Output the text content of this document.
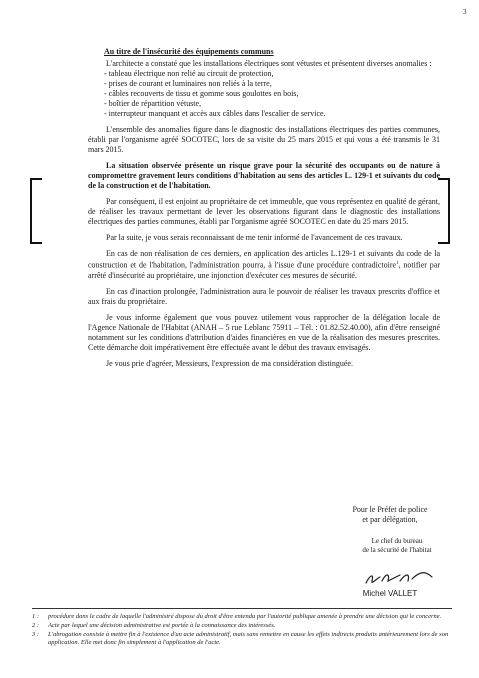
3

Au titre de l'insécurité des équipements communs

L'architecte a constaté que les installations électriques sont vétustes et présentent diverses anomalies :

- tableau électrique non relié au circuit de protection,
- prises de courant et luminaires non reliés à la terre,
- câbles recouverts de tissu et gomme sous goulottes en bois,
- boîtier de répartition vétuste,
- interrupteur manquant et accès aux câbles dans l'escalier de service.

L'ensemble des anomalies figure dans le diagnostic des installations électriques des parties communes, établi par l'organisme agréé SOCOTEC, lors de sa visite du 25 mars 2015 et qui vous a été transmis le 31 mars 2015.

La situation observée présente un risque grave pour la sécurité des occupants ou de nature à compromettre gravement leurs conditions d'habitation au sens des articles L. 129-1 et suivants du code de la construction et de l'habitation.

Par conséquent, il est enjoint au propriétaire de cet immeuble, que vous représentez en qualité de gérant, de réaliser les travaux permettant de lever les observations figurant dans le diagnostic des installations électriques des parties communes, établi par l'organisme agréé SOCOTEC en date du 25 mars 2015.

Par la suite, je vous serais reconnaissant de me tenir informé de l'avancement de ces travaux.

En cas de non réalisation de ces derniers, en application des articles L.129-1 et suivants du code de la construction et de l'habitation, l'administration pourra, à l'issue d'une procédure contradictoire$^1$, notifier par arrêté d'insécurité au propriétaire, une injonction d'exécuter ces mesures de sécurité.

En cas d'inaction prolongée, l'administration aura le pouvoir de réaliser les travaux prescrits d'office et aux frais du propriétaire.

Je vous informe également que vous pouvez utilement vous rapprocher de la délégation locale de l'Agence Nationale de l'Habitat (ANAH – 5 rue Leblanc 75911 – Tél. : 01.82.52.40.00), afin d'être renseigné notamment sur les conditions d'attribution d'aides financières en vue de la réalisation des mesures prescrites. Cette démarche doit impérativement être effectuée avant le début des travaux envisagés.

Je vous prie d'agréer, Messieurs, l'expression de ma considération distinguée.

Pour le Préfet de police
et par délégation,
Le chef du bureau
de la sécurité de l'habitat
Michel VALLET
1 :	procédure dans le cadre de laquelle l'administré dispose du droit d'être entendu par l'autorité publique amenée à prendre une décision qui le concerne.
2 :	Acte par lequel une décision administrative est portée à la connaissance des intéressés.
3 :	L'abrogation consiste à mettre fin à l'existence d'un acte administratif, mais sans remettre en cause les effets indirects produits antérieurement lors de son application. Elle met donc fin simplement à l'application de l'acte.
